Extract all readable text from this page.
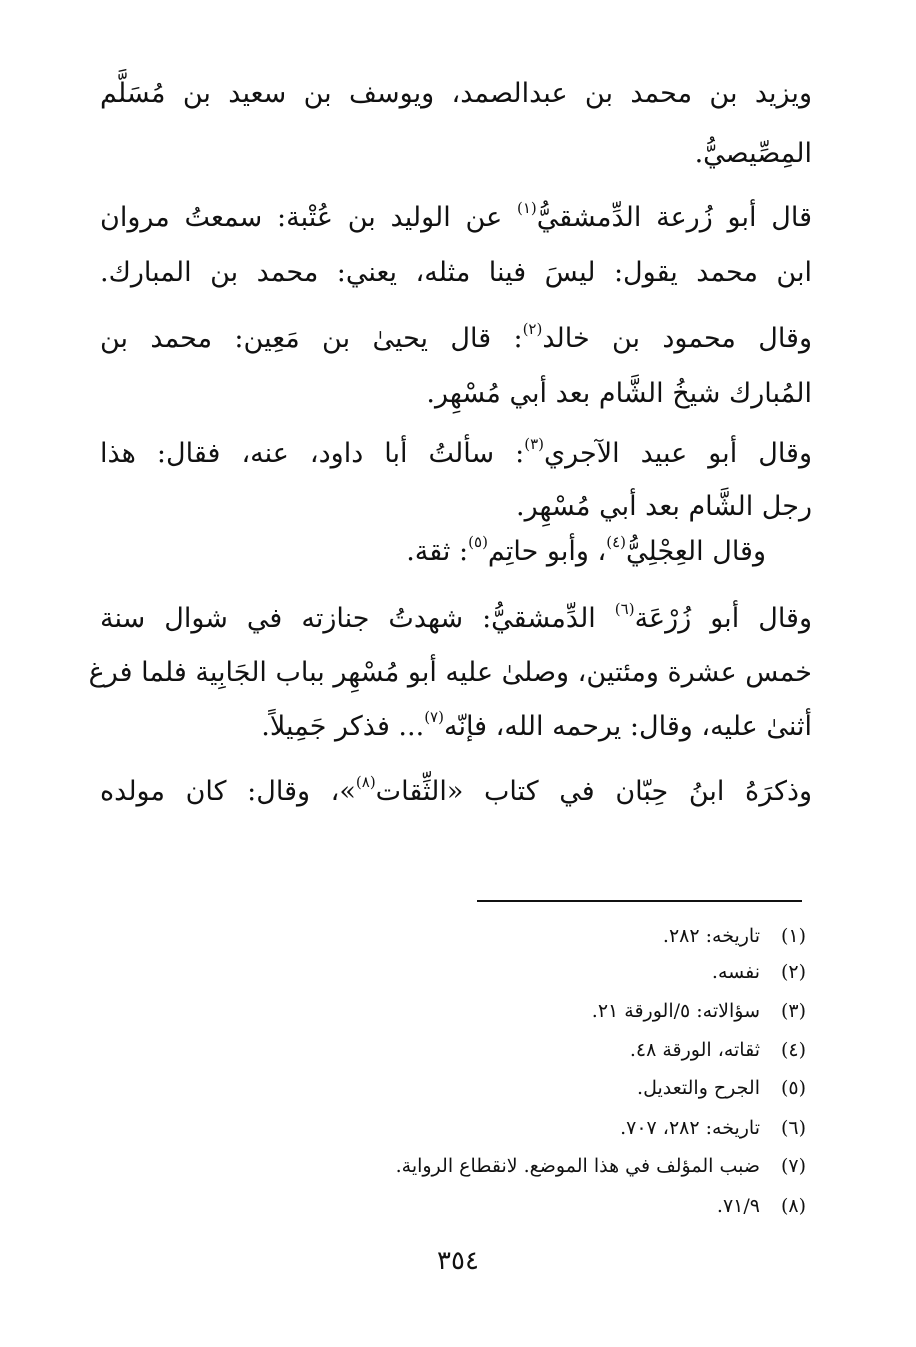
ويزيد بن محمد بن عبدالصمد، ويوسف بن سعيد بن مُسَلَّم
المِصِّيصيُّ.
قال أبو زُرعة الدِّمشقيُّ$^{(١)}$ عن الوليد بن عُتْبة: سمعتُ مروان
ابن محمد يقول: ليسَ فينا مثله، يعني: محمد بن المبارك.
وقال محمود بن خالد$^{(٢)}$: قال يحيىٰ بن مَعِين: محمد بن
المُبارك شيخُ الشَّام بعد أبي مُسْهِر.
وقال أبو عبيد الآجري$^{(٣)}$: سألتُ أبا داود، عنه، فقال: هذا
رجل الشَّام بعد أبي مُسْهِر.
وقال العِجْلِيُّ$^{(٤)}$، وأبو حاتِم$^{(٥)}$: ثقة.
وقال أبو زُرْعَة$^{(٦)}$ الدِّمشقيُّ: شهدتُ جنازته في شوال سنة
خمس عشرة ومئتين، وصلىٰ عليه أبو مُسْهِر بباب الجَابِية فلما فرغ
أثنىٰ عليه، وقال: يرحمه الله، فإنّه$^{(٧)}$... فذكر جَمِيلاً.
وذكرَهُ ابنُ حِبّان في كتاب «الثِّقات$^{(٨)}$»، وقال: كان مولده
(١)تاريخه: ٢٨٢.
(٢)نفسه.
(٣)سؤالاته: ٥/الورقة ٢١.
(٤)ثقاته، الورقة ٤٨.
(٥)الجرح والتعديل.
(٦)تاريخه: ٢٨٢، ٧٠٧.
(٧)ضبب المؤلف في هذا الموضع. لانقطاع الرواية.
(٨)٧١/٩.
٣٥٤
